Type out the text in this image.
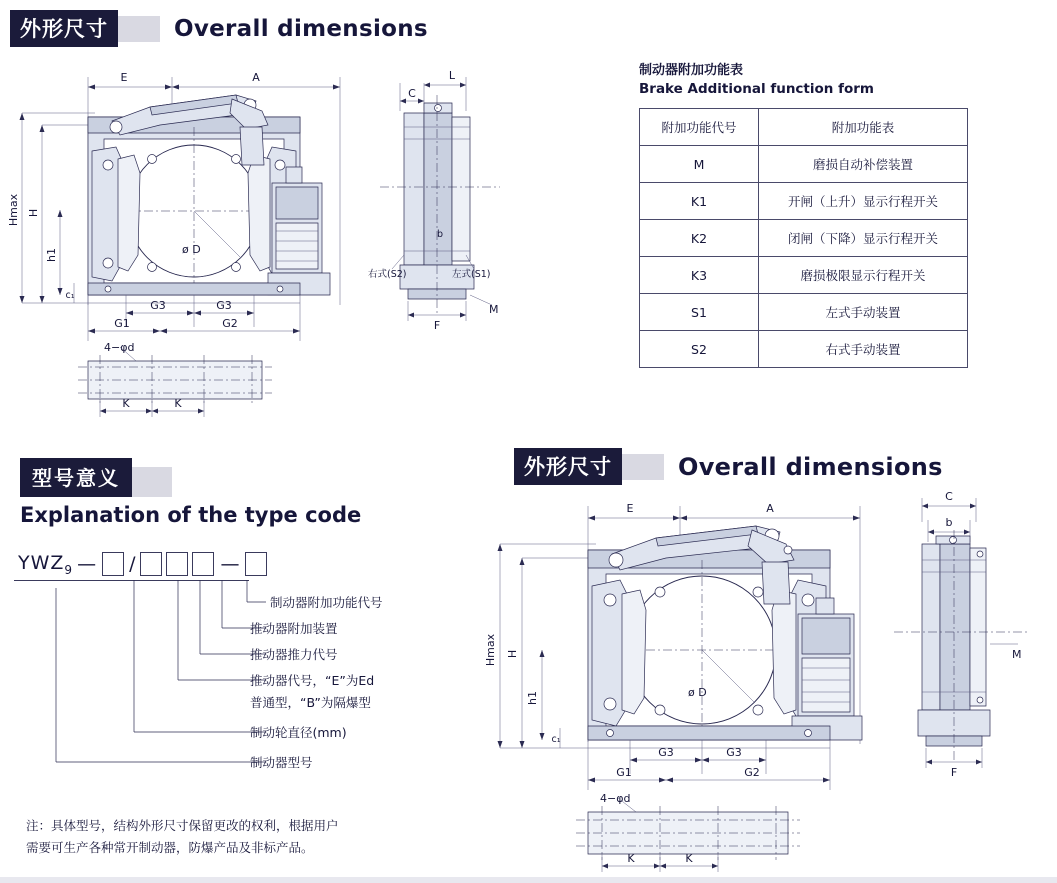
外形尺寸	Overall dimensions
制动器附加功能表
Brake Additional function form
附加功能代号	附加功能表
M	磨损自动补偿装置
K1	开闸（上升）显示行程开关
K2	闭闸（下降）显示行程开关
K3	磨损极限显示行程开关
S1	左式手动装置
S2	右式手动装置
E	A
Hmax H
h1
c₁
ø D
G3	G3
G1	G2
C
L
b
M
F
右式(S2)	左式(S1)
4−φd
K	K
型号意义
Explanation of the type code
$YWZ_9$ — /	—
制动器附加功能代号
推动器附加装置
推动器推力代号
推动器代号，“E”为Ed
普通型，“B”为隔爆型
制动轮直径(mm)
制动器型号
注：具体型号，结构外形尺寸保留更改的权利，根据用户
需要可生产各种常开制动器，防爆产品及非标产品。
外形尺寸	Overall dimensions
E	A
Hmax H
h1
c₁
ø D
G3	G3
G1	G2
C
b
M
F
4−φd
K	K
